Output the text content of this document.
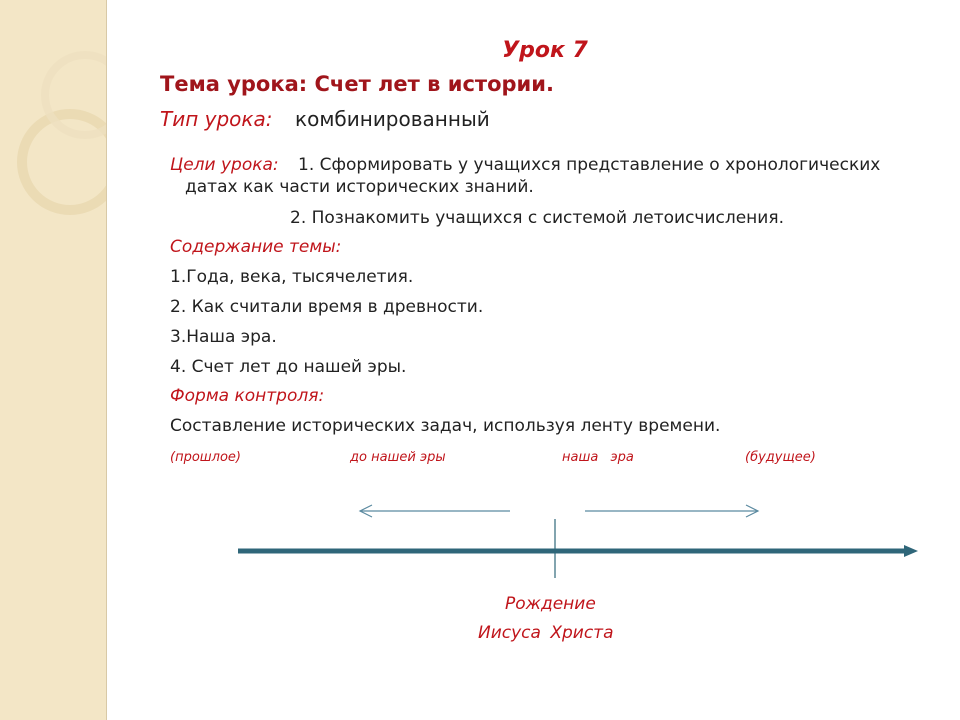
Урок 7
Тема урока: Счет лет в истории.
Тип урока: комбинированный
Цели урока: 1. Сформировать у учащихся представление о хронологических
датах как части исторических знаний.
2. Познакомить учащихся с системой летоисчисления.
Содержание темы:
1.Года, века, тысячелетия.
2. Как считали время в древности.
3.Наша эра.
4. Счет лет до нашей эры.
Форма контроля:
Составление исторических задач, используя ленту времени.
(прошлое)	до нашей эры	наша эра	(будущее)
Рождение
Иисуса Христа
